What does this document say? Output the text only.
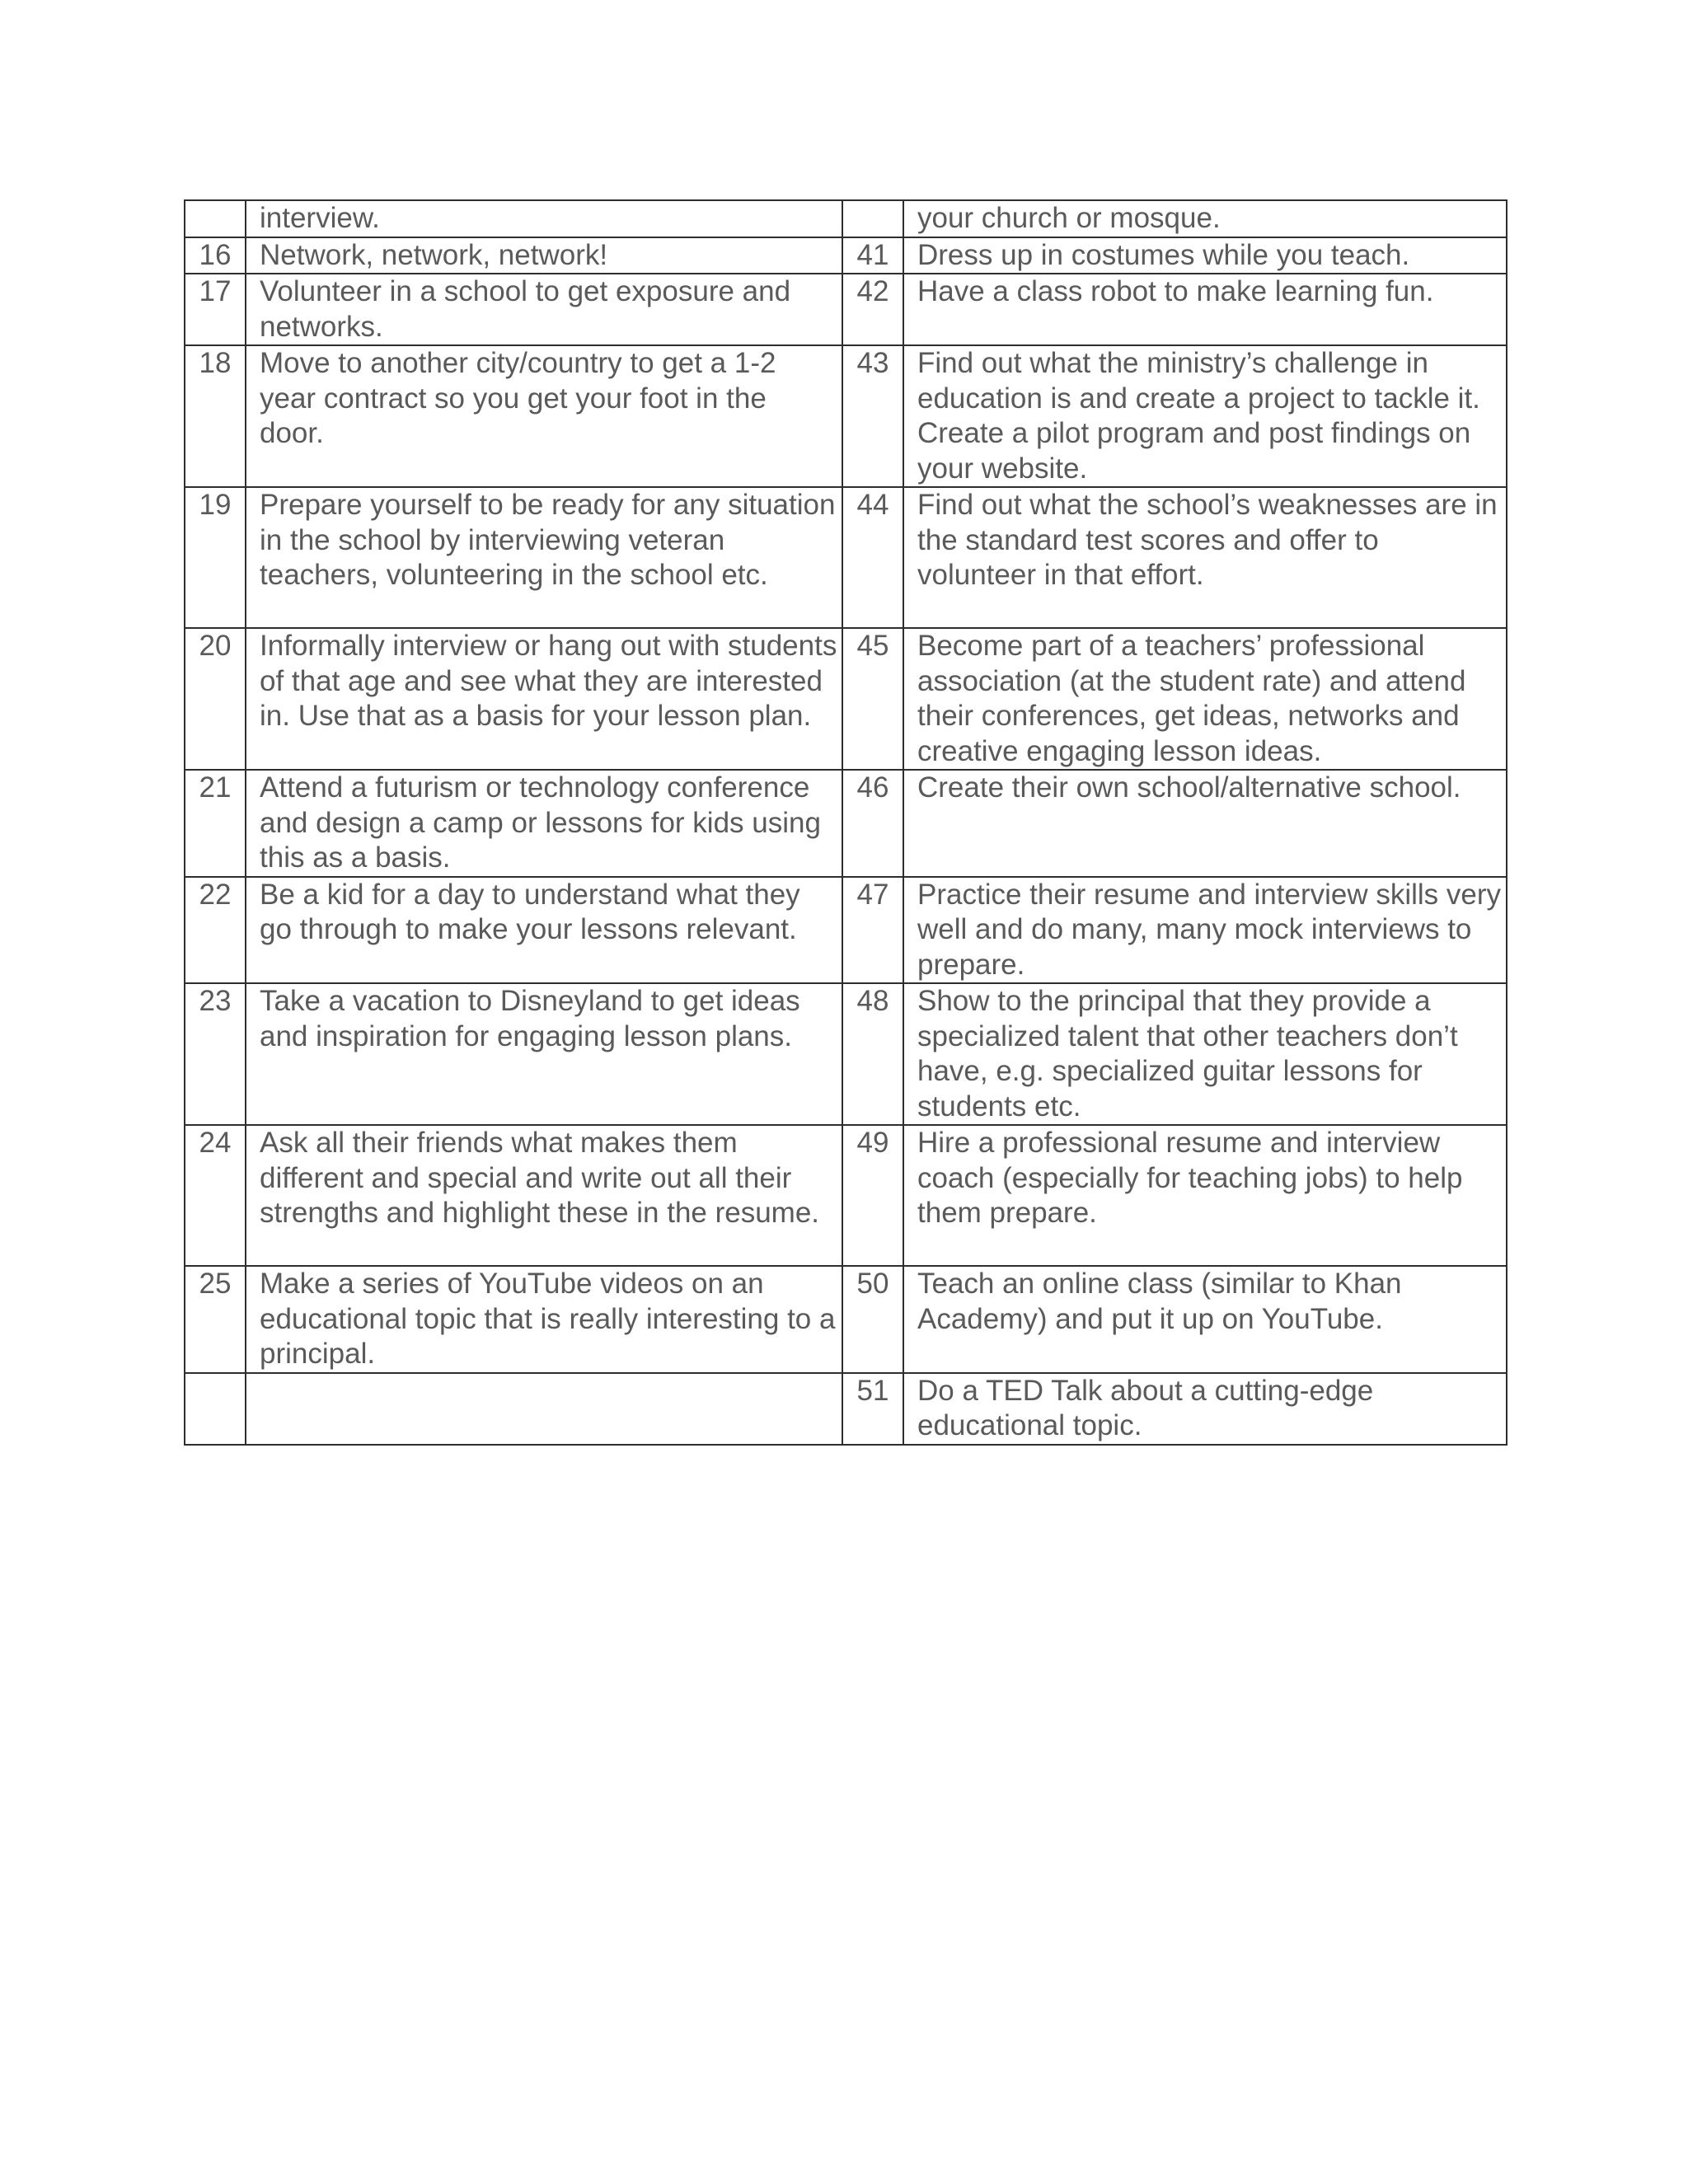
	interview.		your church or mosque.
16	Network, network, network!	41	Dress up in costumes while you teach.
17	Volunteer in a school to get exposure and networks.	42	Have a class robot to make learning fun.
18	Move to another city/country to get a 1-2 year contract so you get your foot in the door.	43	Find out what the ministry’s challenge in education is and create a project to tackle it. Create a pilot program and post findings on your website.
19	Prepare yourself to be ready for any situation in the school by interviewing veteran teachers, volunteering in the school etc.	44	Find out what the school’s weaknesses are in the standard test scores and offer to volunteer in that effort.
20	Informally interview or hang out with students of that age and see what they are interested in. Use that as a basis for your lesson plan.	45	Become part of a teachers’ professional association (at the student rate) and attend their conferences, get ideas, networks and creative engaging lesson ideas.
21	Attend a futurism or technology conference and design a camp or lessons for kids using this as a basis.	46	Create their own school/alternative school.
22	Be a kid for a day to understand what they go through to make your lessons relevant.	47	Practice their resume and interview skills very well and do many, many mock interviews to prepare.
23	Take a vacation to Disneyland to get ideas and inspiration for engaging lesson plans.	48	Show to the principal that they provide a specialized talent that other teachers don’t have, e.g. specialized guitar lessons for students etc.
24	Ask all their friends what makes them different and special and write out all their strengths and highlight these in the resume.	49	Hire a professional resume and interview coach (especially for teaching jobs) to help them prepare.
25	Make a series of YouTube videos on an educational topic that is really interesting to a principal.	50	Teach an online class (similar to Khan Academy) and put it up on YouTube.
		51	Do a TED Talk about a cutting-edge educational topic.
